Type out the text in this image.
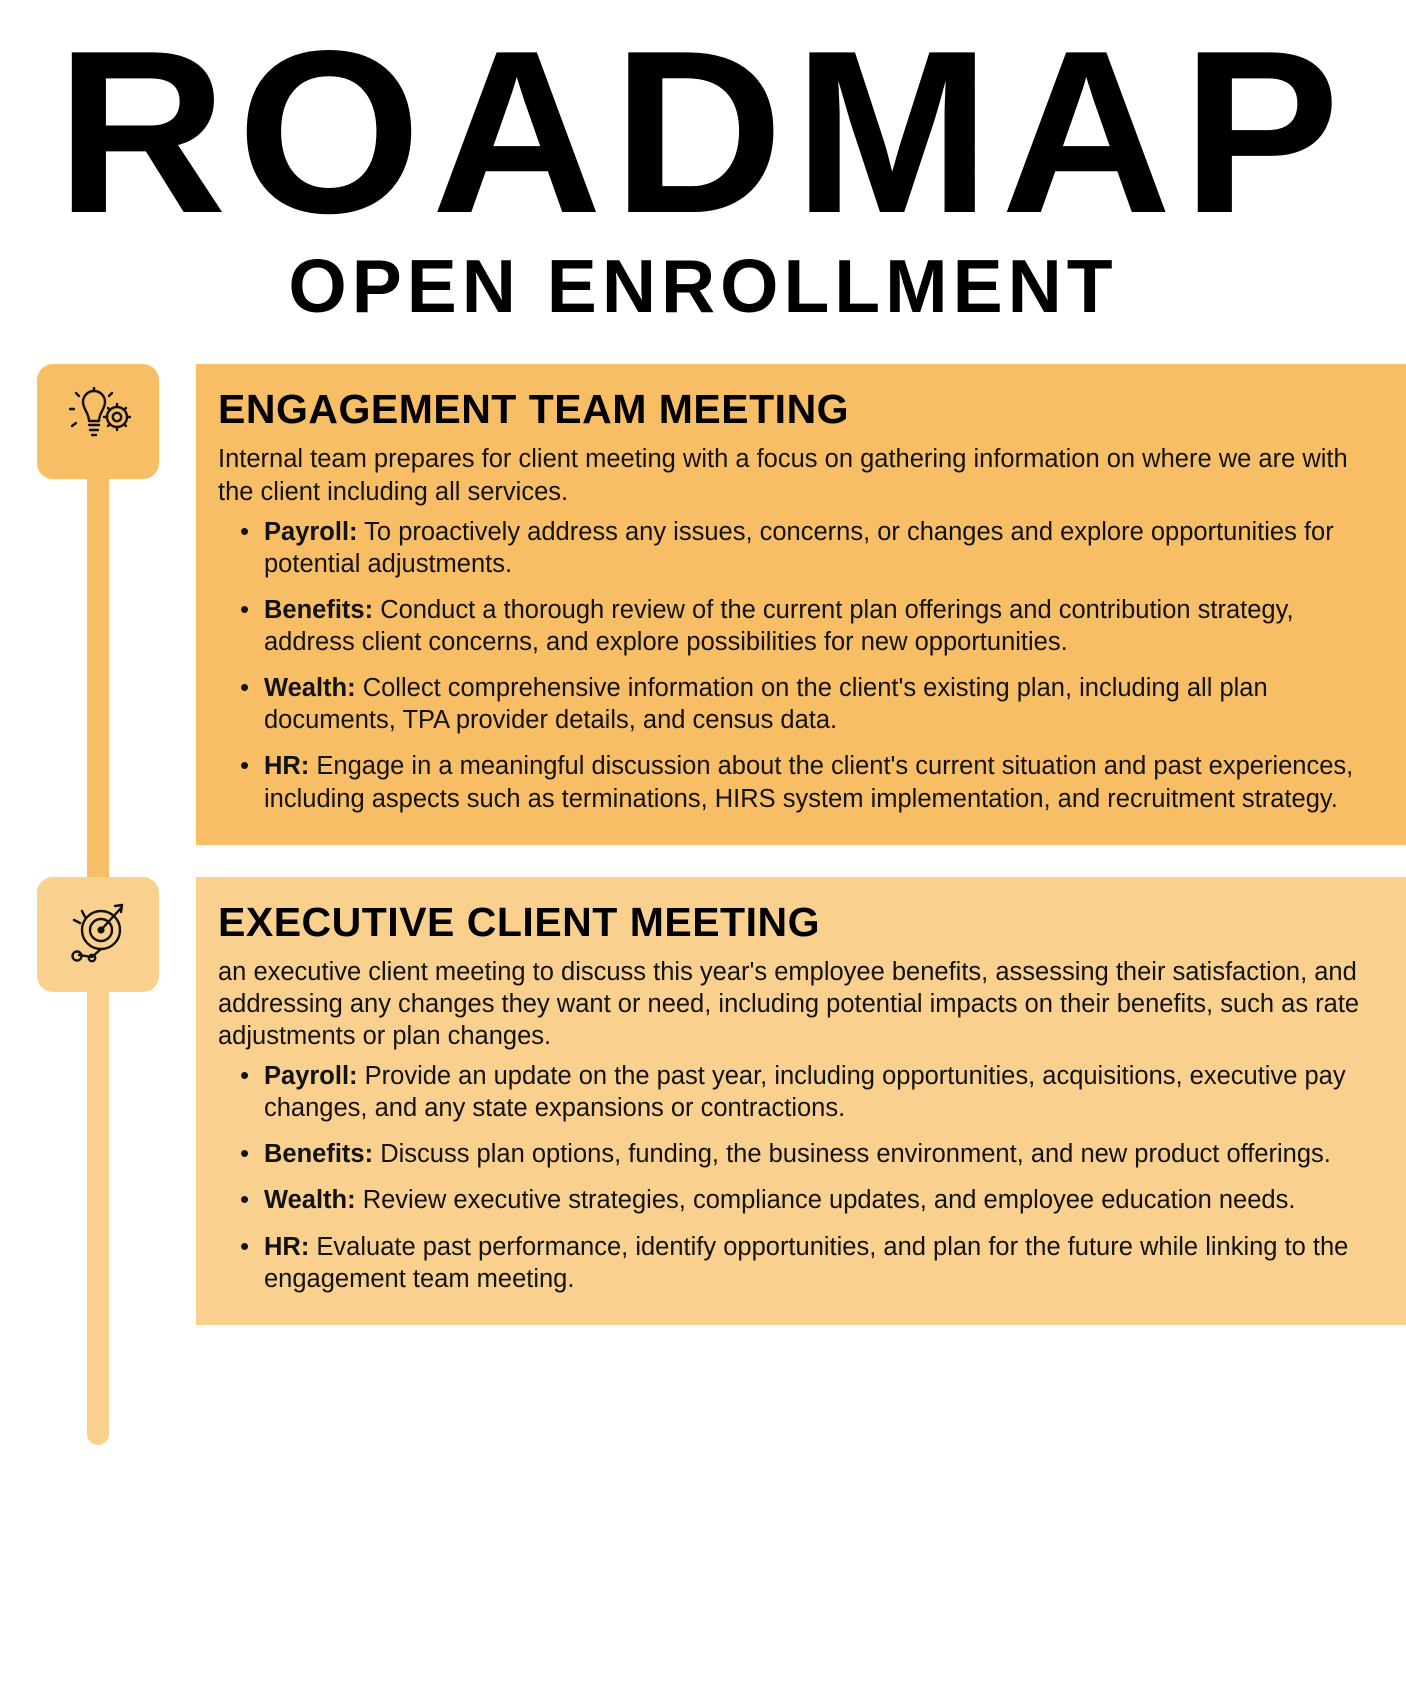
ROADMAP
OPEN ENROLLMENT
ENGAGEMENT TEAM MEETING

Internal team prepares for client meeting with a focus on gathering information on where we are with the client including all services.

• Payroll: To proactively address any issues, concerns, or changes and explore opportunities for potential adjustments.
• Benefits: Conduct a thorough review of the current plan offerings and contribution strategy, address client concerns, and explore possibilities for new opportunities.
• Wealth: Collect comprehensive information on the client's existing plan, including all plan documents, TPA provider details, and census data.
• HR: Engage in a meaningful discussion about the client's current situation and past experiences, including aspects such as terminations, HIRS system implementation, and recruitment strategy.
EXECUTIVE CLIENT MEETING

an executive client meeting to discuss this year's employee benefits, assessing their satisfaction, and addressing any changes they want or need, including potential impacts on their benefits, such as rate adjustments or plan changes.

• Payroll: Provide an update on the past year, including opportunities, acquisitions, executive pay changes, and any state expansions or contractions.
• Benefits: Discuss plan options, funding, the business environment, and new product offerings.
• Wealth: Review executive strategies, compliance updates, and employee education needs.
• HR: Evaluate past performance, identify opportunities, and plan for the future while linking to the engagement team meeting.
